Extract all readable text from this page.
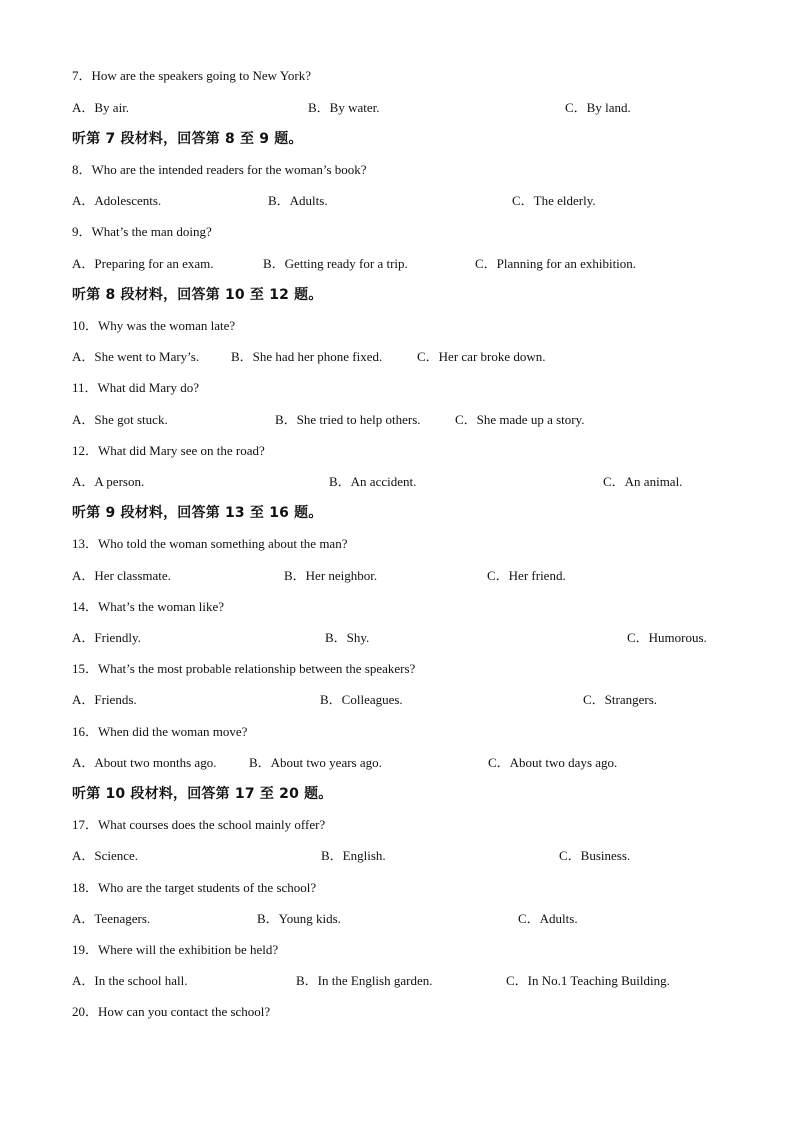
7．How are the speakers going to New York?
A．By air.	B．By water.	C．By land.
听第 7 段材料，回答第 8 至 9 题。
8．Who are the intended readers for the woman’s book?
A．Adolescents.	B．Adults.	C．The elderly.
9．What’s the man doing?
A．Preparing for an exam.	B．Getting ready for a trip.	C．Planning for an exhibition.
听第 8 段材料，回答第 10 至 12 题。
10．Why was the woman late?
A．She went to Mary’s. B．She had her phone fixed.	C．Her car broke down.
11．What did Mary do?
A．She got stuck.	B．She tried to help others.	C．She made up a story.
12．What did Mary see on the road?
A．A person.	B．An accident.	C．An animal.
听第 9 段材料，回答第 13 至 16 题。
13．Who told the woman something about the man?
A．Her classmate.	B．Her neighbor.	C．Her friend.
14．What’s the woman like?
A．Friendly.	B．Shy.	C．Humorous.
15．What’s the most probable relationship between the speakers?
A．Friends.	B．Colleagues.	C．Strangers.
16．When did the woman move?
A．About two months ago.	B．About two years ago.	C．About two days ago.
听第 10 段材料，回答第 17 至 20 题。
17．What courses does the school mainly offer?
A．Science.	B．English.	C．Business.
18．Who are the target students of the school?
A．Teenagers.	B．Young kids.	C．Adults.
19．Where will the exhibition be held?
A．In the school hall.	B．In the English garden.	C．In No.1 Teaching Building.
20．How can you contact the school?
